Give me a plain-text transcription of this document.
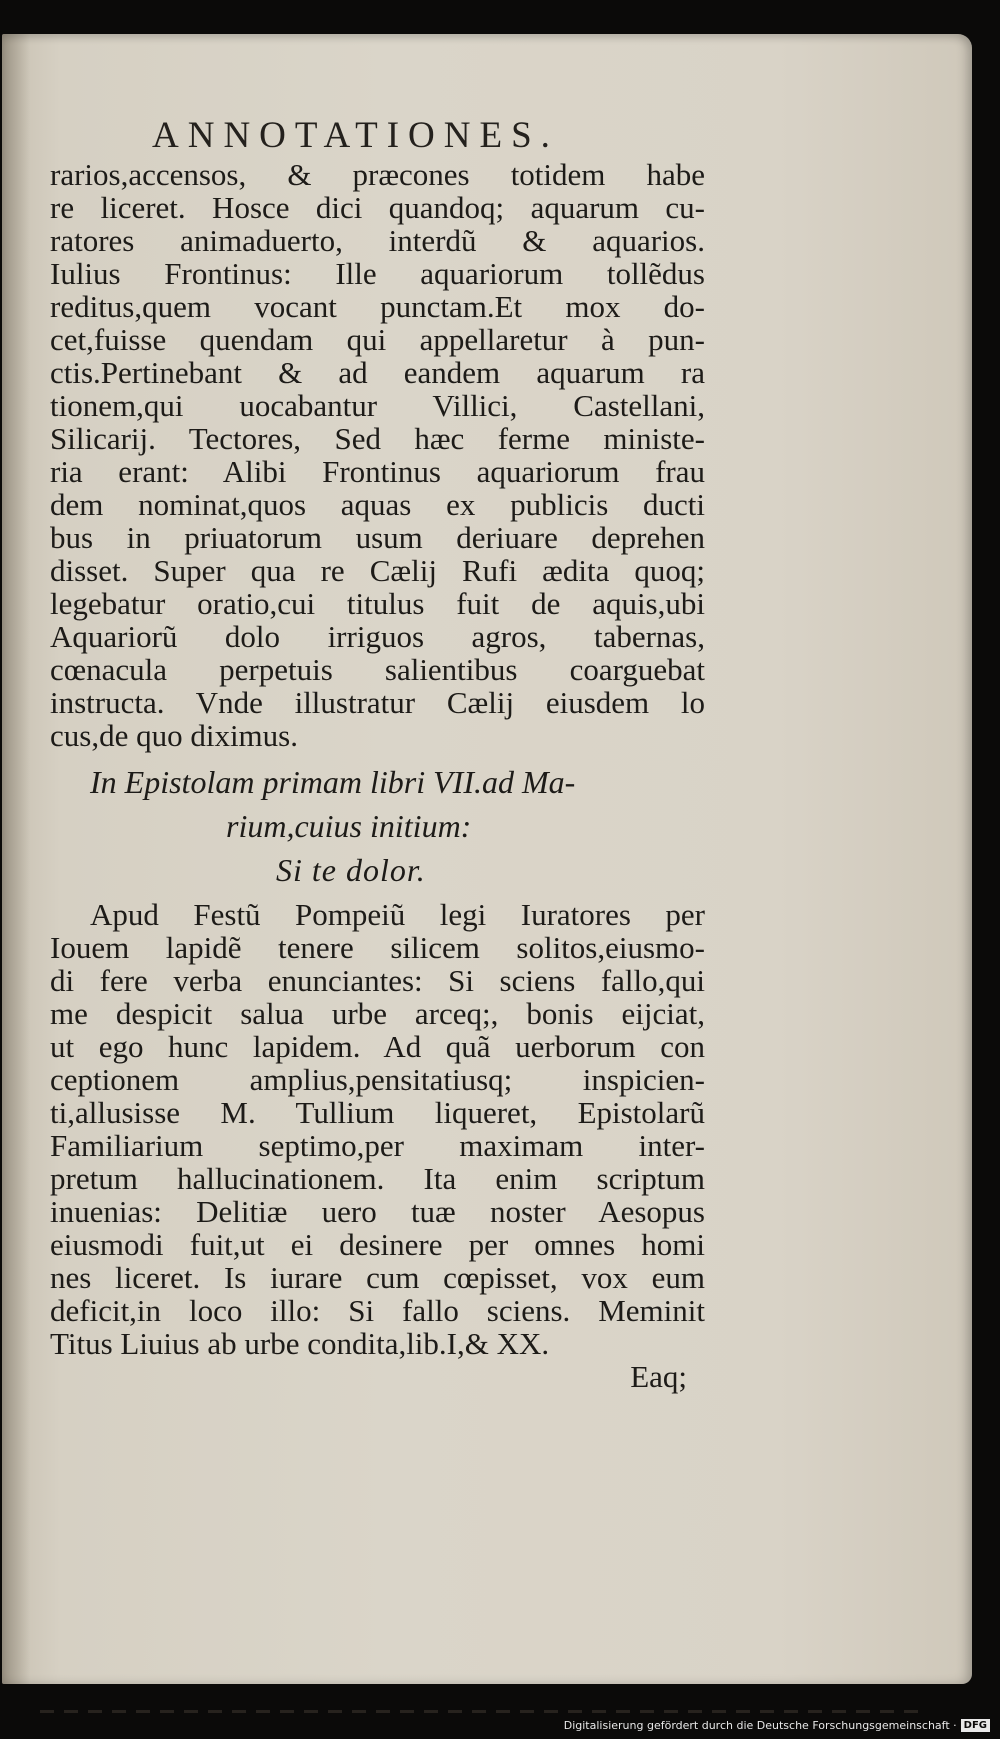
ANNOTATIONES.
rarios,accensos, & præcones totidem habe
re liceret. Hosce dici quandoq; aquarum cu-
ratores animaduerto, interdũ & aquarios.
Iulius Frontinus: Ille aquariorum tollẽdus
reditus,quem vocant punctam.Et mox do-
cet,fuisse quendam qui appellaretur à pun-
ctis.Pertinebant & ad eandem aquarum ra
tionem,qui uocabantur Villici, Castellani,
Silicarij. Tectores, Sed hæc ferme ministe-
ria erant: Alibi Frontinus aquariorum frau
dem nominat,quos aquas ex publicis ducti
bus in priuatorum usum deriuare deprehen
disset. Super qua re Cælij Rufi ædita quoq;
legebatur oratio,cui titulus fuit de aquis,ubi
Aquariorũ dolo irriguos agros, tabernas,
cœnacula perpetuis salientibus coarguebat
instructa. Vnde illustratur Cælij eiusdem lo
cus,de quo diximus.
In Epistolam primam libri VII.ad Ma-
rium,cuius initium:
Si te dolor.
Apud Festũ Pompeiũ legi Iuratores per
Iouem lapidẽ tenere silicem solitos,eiusmo-
di fere verba enunciantes: Si sciens fallo,qui
me despicit salua urbe arceq;, bonis eijciat,
ut ego hunc lapidem. Ad quã uerborum con
ceptionem amplius,pensitatiusq; inspicien-
ti,allusisse M. Tullium liqueret, Epistolarũ
Familiarium septimo,per maximam inter-
pretum hallucinationem. Ita enim scriptum
inuenias: Delitiæ uero tuæ noster Aesopus
eiusmodi fuit,ut ei desinere per omnes homi
nes liceret. Is iurare cum cœpisset, vox eum
deficit,in loco illo: Si fallo sciens. Meminit
Titus Liuius ab urbe condita,lib.I,& XX.
Eaq;
Digitalisierung gefördert durch die Deutsche Forschungsgemeinschaft · DFG
